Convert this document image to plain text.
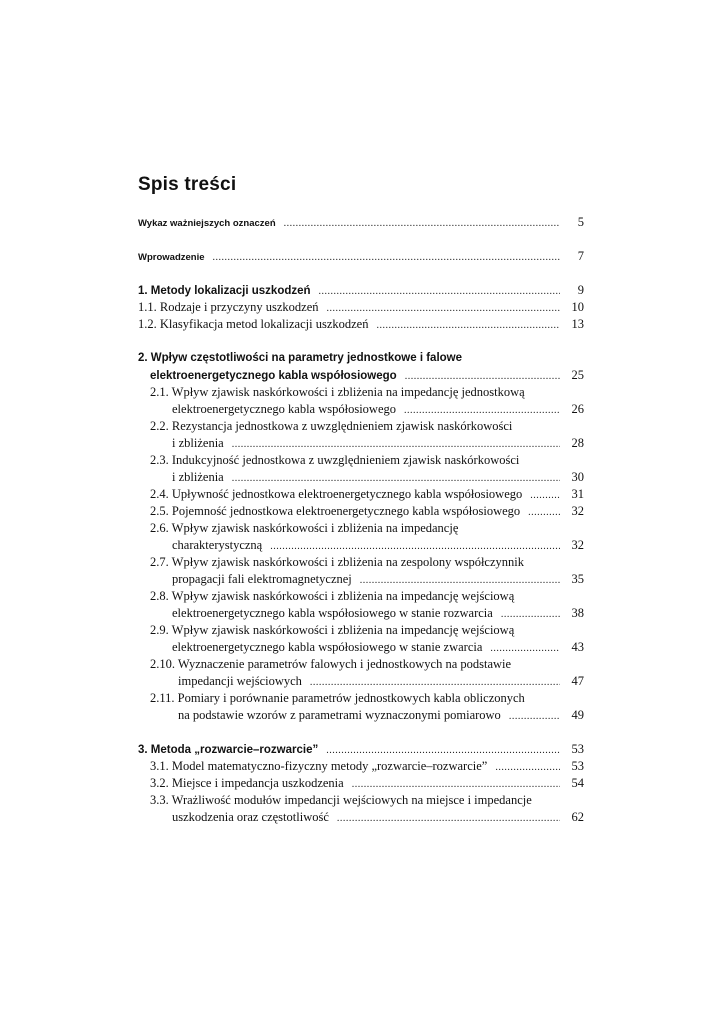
Spis treści
Wykaz ważniejszych oznaczeń .....	5
Wprowadzenie .....	7
1. Metody lokalizacji uszkodzeń .....	9
1.1. Rodzaje i przyczyny uszkodzeń .....	10
1.2. Klasyfikacja metod lokalizacji uszkodzeń .....	13
2. Wpływ częstotliwości na parametry jednostkowe i falowe
elektroenergetycznego kabla współosiowego .....	25
2.1. Wpływ zjawisk naskórkowości i zbliżenia na impedancję jednostkową
elektroenergetycznego kabla współosiowego .....	26
2.2. Rezystancja jednostkowa z uwzględnieniem zjawisk naskórkowości
i zbliżenia .....	28
2.3. Indukcyjność jednostkowa z uwzględnieniem zjawisk naskórkowości
i zbliżenia .....	30
2.4. Upływność jednostkowa elektroenergetycznego kabla współosiowego .....	31
2.5. Pojemność jednostkowa elektroenergetycznego kabla współosiowego .....	32
2.6. Wpływ zjawisk naskórkowości i zbliżenia na impedancję
charakterystyczną .....	32
2.7. Wpływ zjawisk naskórkowości i zbliżenia na zespolony współczynnik
propagacji fali elektromagnetycznej .....	35
2.8. Wpływ zjawisk naskórkowości i zbliżenia na impedancję wejściową
elektroenergetycznego kabla współosiowego w stanie rozwarcia .....	38
2.9. Wpływ zjawisk naskórkowości i zbliżenia na impedancję wejściową
elektroenergetycznego kabla współosiowego w stanie zwarcia .....	43
2.10. Wyznaczenie parametrów falowych i jednostkowych na podstawie
impedancji wejściowych .....	47
2.11. Pomiary i porównanie parametrów jednostkowych kabla obliczonych
na podstawie wzorów z parametrami wyznaczonymi pomiarowo .....	49
3. Metoda „rozwarcie–rozwarcie” .....	53
3.1. Model matematyczno-fizyczny metody „rozwarcie–rozwarcie” .....	53
3.2. Miejsce i impedancja uszkodzenia .....	54
3.3. Wrażliwość modułów impedancji wejściowych na miejsce i impedancje
uszkodzenia oraz częstotliwość .....	62
